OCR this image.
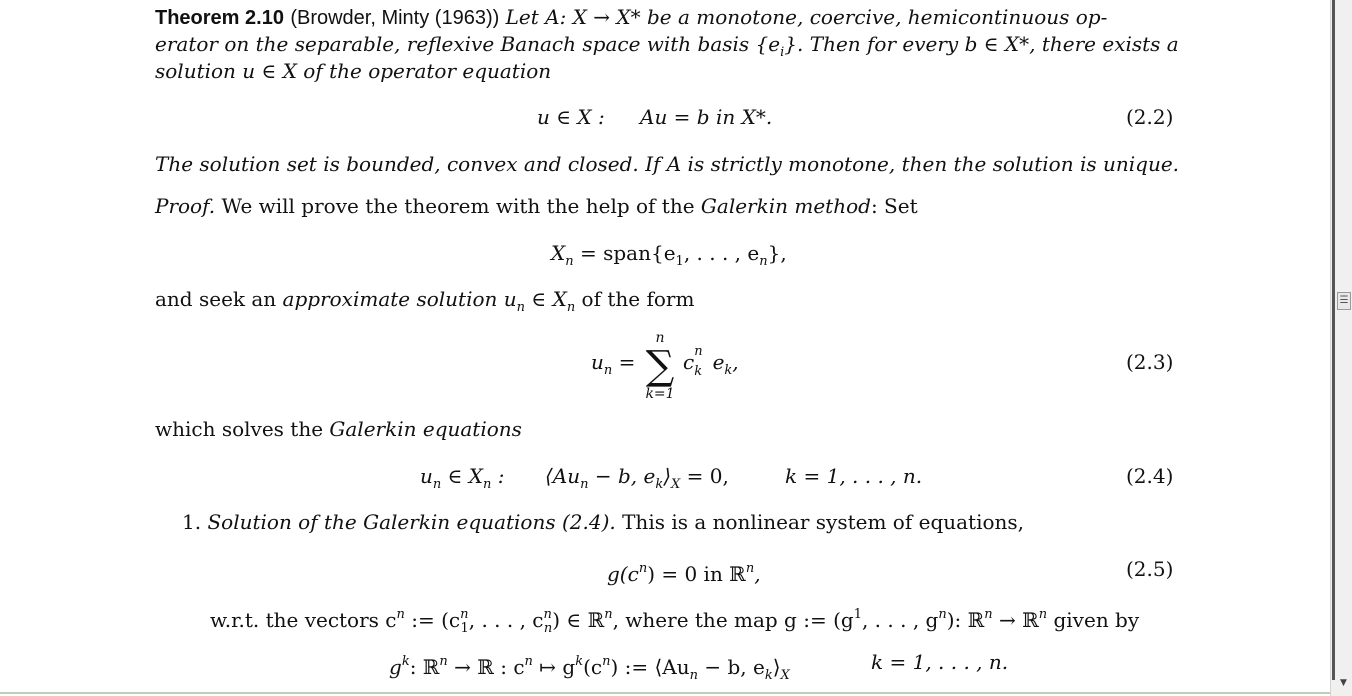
Theorem 2.10 (Browder, Minty (1963)) Let A: X → X* be a monotone, coercive, hemicontinuous op-
erator on the separable, reflexive Banach space with basis $\{e_i\}$. Then for every b ∈ X*, there exists a
solution u ∈ X of the operator equation
u ∈ X : Au = b in X*.	(2.2)
The solution set is bounded, convex and closed. If A is strictly monotone, then the solution is unique.
Proof. We will prove the theorem with the help of the Galerkin method: Set
$X_n$ = $span\{e_1$, . . . , $e_n$},
and seek an approximate solution $u_n$ ∈ $X_n$ of the form
$u_n$ =
n
∑
k=1
c n
k $e_k$,	(2.3)
which solves the Galerkin equations
$u_n$ ∈ $X_n$ : $⟨Au_n - b$, $e_k⟩_X = 0$,	k = 1, . . . , n.	(2.4)
1. Solution of the Galerkin equations (2.4). This is a nonlinear system of equations,
$g(c^n) = 0$ in ℝ$^n$,	(2.5)
w.r.t. the vectors $c^n$ := ($c^n_1$, . . . , $c^n_n$) ∈ ℝ$^n$, where the map g := ($g^1$, . . . , $g^n$): ℝ$^n$ → ℝ$^n$ given by
$g^k$: ℝ$^n$ → ℝ : $c^n$ ↦ $g^k(c^n)$ := $⟨Au_n - b$, $e_k⟩_X$
k = 1, . . . , n.
☰
▼
